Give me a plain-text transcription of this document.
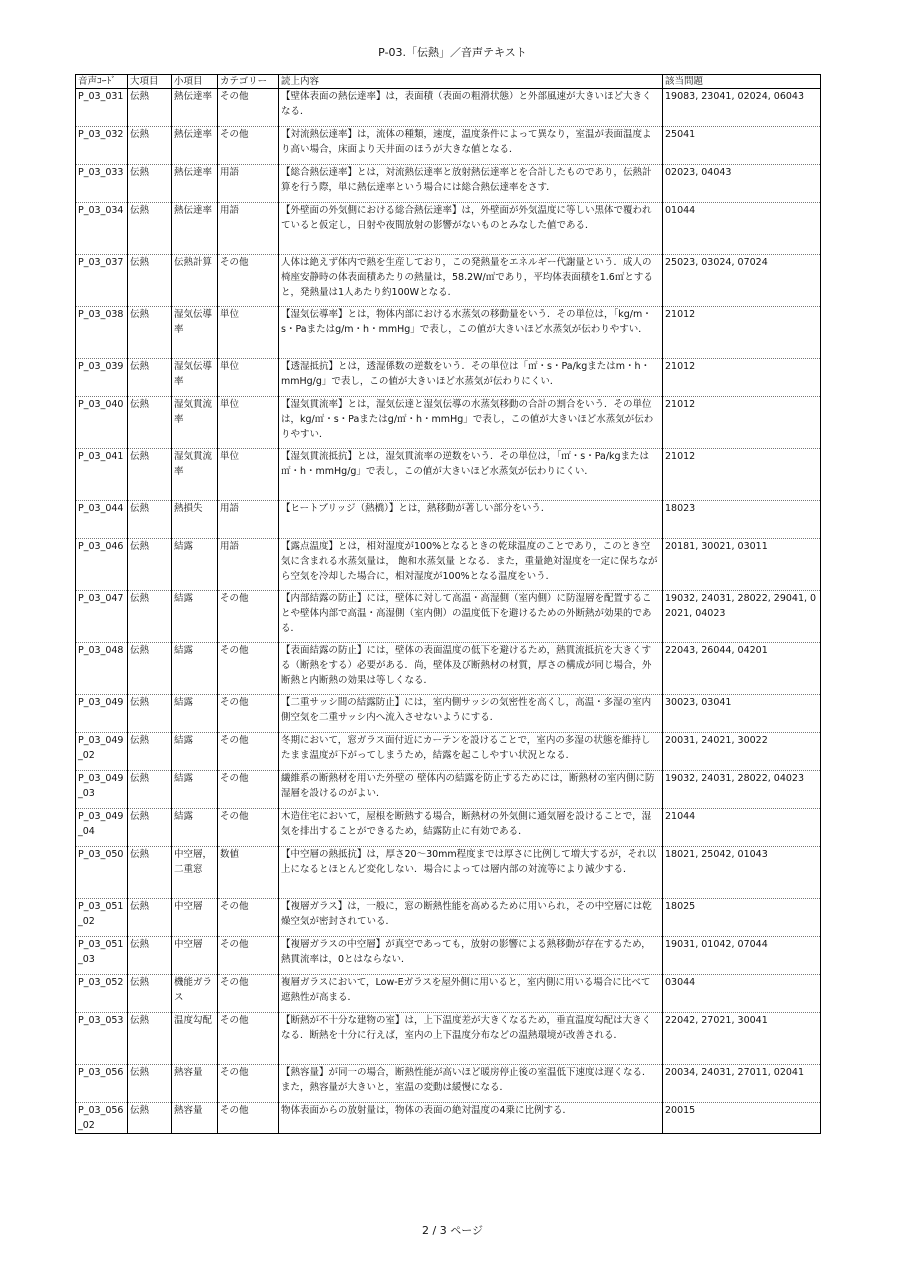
P-03.「伝熱」／音声テキスト
音声ｺｰﾄﾞ	大項目	小項目	カテゴリー	読上内容	該当問題
P_03_031	伝熱	熱伝達率	その他	【壁体表面の熱伝達率】は，表面積（表面の粗滑状態）と外部風速が大きいほど大きくなる．	19083, 23041, 02024, 06043
P_03_032	伝熱	熱伝達率	その他	【対流熱伝達率】は，流体の種類，速度，温度条件によって異なり，室温が表面温度より高い場合，床面より天井面のほうが大きな値となる．	25041
P_03_033	伝熱	熱伝達率	用語	【総合熱伝達率】とは，対流熱伝達率と放射熱伝達率とを合計したものであり，伝熱計算を行う際，単に熱伝達率という場合には総合熱伝達率をさす．	02023, 04043
P_03_034	伝熱	熱伝達率	用語	【外壁面の外気側における総合熱伝達率】は，外壁面が外気温度に等しい黒体で覆われていると仮定し，日射や夜間放射の影響がないものとみなした値である．	01044
P_03_037	伝熱	伝熱計算	その他	人体は絶えず体内で熱を生産しており，この発熱量をエネルギー代謝量という．成人の椅座安静時の体表面積あたりの熱量は，58.2W/㎡であり，平均体表面積を1.6㎡とすると，発熱量は1人あたり約100Wとなる．	25023, 03024, 07024
P_03_038	伝熱	湿気伝導率	単位	【湿気伝導率】とは，物体内部における水蒸気の移動量をいう．その単位は，「kg/m・s・Paまたはg/m・h・mmHg」で表し，この値が大きいほど水蒸気が伝わりやすい．	21012
P_03_039	伝熱	湿気伝導率	単位	【透湿抵抗】とは，透湿係数の逆数をいう．その単位は「㎡・s・Pa/kgまたはm・h・mmHg/g」で表し，この値が大きいほど水蒸気が伝わりにくい．	21012
P_03_040	伝熱	湿気貫流率	単位	【湿気貫流率】とは，湿気伝達と湿気伝導の水蒸気移動の合計の割合をいう．その単位は，kg/㎡・s・Paまたはg/㎡・h・mmHg」で表し，この値が大きいほど水蒸気が伝わりやすい．	21012
P_03_041	伝熱	湿気貫流率	単位	【湿気貫流抵抗】とは，湿気貫流率の逆数をいう．その単位は，「㎡・s・Pa/kgまたは㎡・h・mmHg/g」で表し，この値が大きいほど水蒸気が伝わりにくい．	21012
P_03_044	伝熱	熱損失	用語	【ヒートブリッジ（熱橋）】とは，熱移動が著しい部分をいう．	18023
P_03_046	伝熱	結露	用語	【露点温度】とは，相対湿度が100%となるときの乾球温度のことであり，このとき空気に含まれる水蒸気量は， 飽和水蒸気量 となる．また，重量絶対湿度を一定に保ちながら空気を冷却した場合に，相対湿度が100%となる温度をいう．	20181, 30021, 03011
P_03_047	伝熱	結露	その他	【内部結露の防止】には，壁体に対して高温・高湿側（室内側）に防湿層を配置することや壁体内部で高温・高湿側（室内側）の温度低下を避けるための外断熱が効果的である．	19032, 24031, 28022, 29041, 02021, 04023
P_03_048	伝熱	結露	その他	【表面結露の防止】には，壁体の表面温度の低下を避けるため，熱貫流抵抗を大きくする（断熱をする）必要がある．尚，壁体及び断熱材の材質，厚さの構成が同じ場合，外断熱と内断熱の効果は等しくなる．	22043, 26044, 04201
P_03_049	伝熱	結露	その他	【二重サッシ間の結露防止】には，室内側サッシの気密性を高くし，高温・多湿の室内側空気を二重サッシ内へ流入させないようにする．	30023, 03041
P_03_049_02	伝熱	結露	その他	冬期において，窓ガラス面付近にカーテンを設けることで，室内の多湿の状態を維持したまま温度が下がってしまうため，結露を起こしやすい状況となる．	20031, 24021, 30022
P_03_049_03	伝熱	結露	その他	繊維系の断熱材を用いた外壁の 壁体内の結露を防止するためには，断熱材の室内側に防湿層を設けるのがよい．	19032, 24031, 28022, 04023
P_03_049_04	伝熱	結露	その他	木造住宅において，屋根を断熱する場合，断熱材の外気側に通気層を設けることで，湿気を排出することができるため，結露防止に有効である．	21044
P_03_050	伝熱	中空層，二重窓	数値	【中空層の熱抵抗】は，厚さ20～30mm程度までは厚さに比例して増大するが，それ以上になるとほとんど変化しない．場合によっては層内部の対流等により減少する．	18021, 25042, 01043
P_03_051_02	伝熱	中空層	その他	【複層ガラス】は，一般に，窓の断熱性能を高めるために用いられ，その中空層には乾燥空気が密封されている．	18025
P_03_051_03	伝熱	中空層	その他	【複層ガラスの中空層】が真空であっても，放射の影響による熱移動が存在するため，熱貫流率は，0とはならない．	19031, 01042, 07044
P_03_052	伝熱	機能ガラス	その他	複層ガラスにおいて，Low-Eガラスを屋外側に用いると，室内側に用いる場合に比べて遮熱性が高まる．	03044
P_03_053	伝熱	温度勾配	その他	【断熱が不十分な建物の室】は，上下温度差が大きくなるため，垂直温度勾配は大きくなる．断熱を十分に行えば，室内の上下温度分布などの温熱環境が改善される．	22042, 27021, 30041
P_03_056	伝熱	熱容量	その他	【熱容量】が同一の場合，断熱性能が高いほど暖房停止後の室温低下速度は遅くなる．また，熱容量が大きいと，室温の変動は緩慢になる．	20034, 24031, 27011, 02041
P_03_056_02	伝熱	熱容量	その他	物体表面からの放射量は，物体の表面の絶対温度の4乗に比例する．	20015
2 / 3 ページ
